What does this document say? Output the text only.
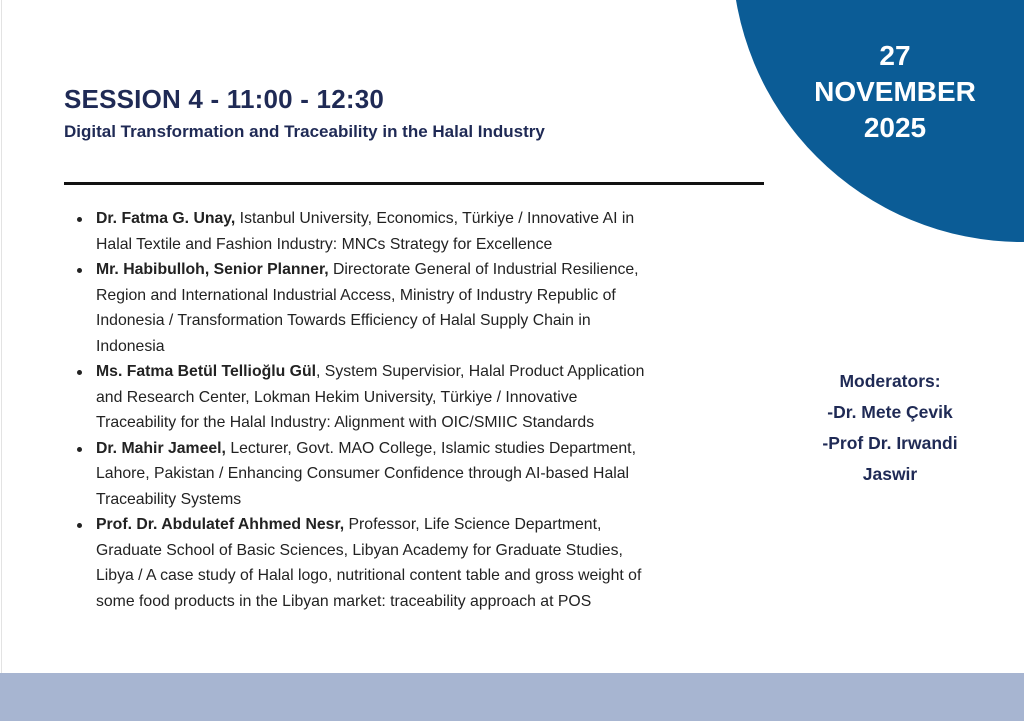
27
NOVEMBER
2025
SESSION 4 - 11:00 - 12:30
Digital Transformation and Traceability in the Halal Industry
Dr. Fatma G. Unay, Istanbul University, Economics, Türkiye / Innovative AI in
Halal Textile and Fashion Industry: MNCs Strategy for Excellence
Mr. Habibulloh, Senior Planner, Directorate General of Industrial Resilience,
Region and International Industrial Access, Ministry of Industry Republic of
Indonesia / Transformation Towards Efficiency of Halal Supply Chain in
Indonesia
Ms. Fatma Betül Tellioğlu Gül, System Supervisior, Halal Product Application
and Research Center, Lokman Hekim University, Türkiye / Innovative
Traceability for the Halal Industry: Alignment with OIC/SMIIC Standards
Dr. Mahir Jameel, Lecturer, Govt. MAO College, Islamic studies Department,
Lahore, Pakistan / Enhancing Consumer Confidence through AI-based Halal
Traceability Systems
Prof. Dr. Abdulatef Ahhmed Nesr, Professor, Life Science Department,
Graduate School of Basic Sciences, Libyan Academy for Graduate Studies,
Libya / A case study of Halal logo, nutritional content table and gross weight of
some food products in the Libyan market: traceability approach at POS
Moderators:
-Dr. Mete Çevik
-Prof Dr. Irwandi
Jaswir
